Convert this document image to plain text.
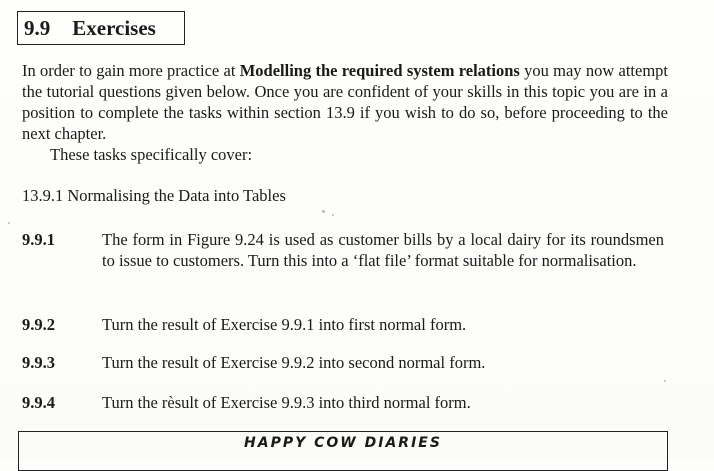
9.9 Exercises

In order to gain more practice at Modelling the required system relations you may now attempt the tutorial questions given below. Once you are confident of your skills in this topic you are in a position to complete the tasks within section 13.9 if you wish to do so, before proceeding to the next chapter.

These tasks specifically cover:

13.9.1 Normalising the Data into Tables
9.9.1	The form in Figure 9.24 is used as customer bills by a local dairy for its roundsmen to issue to customers. Turn this into a ‘flat file’ format suitable for normalisation.
9.9.2	Turn the result of Exercise 9.9.1 into first normal form.
9.9.3	Turn the result of Exercise 9.9.2 into second normal form.
9.9.4	Turn the rèsult of Exercise 9.9.3 into third normal form.
HAPPY COW DIARIES
